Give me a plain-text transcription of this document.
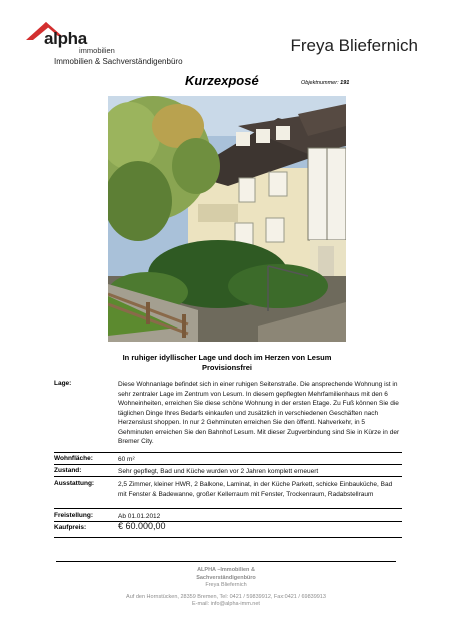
alpha
immobilien
Immobilien & Sachverständigenbüro
Freya Bliefernich
Kurzexposé	Objektnummer: 191
In ruhiger idyllischer Lage und doch im Herzen von Lesum
Provisionsfrei
Lage:	Diese Wohnanlage befindet sich in einer ruhigen Seitenstraße. Die ansprechende Wohnung ist in sehr zentraler Lage im Zentrum von Lesum. In diesem gepflegten Mehrfamilienhaus mit den 6 Wohneinheiten, erreichen Sie diese schöne Wohnung in der ersten Etage. Zu Fuß können Sie die täglichen Dinge Ihres Bedarfs einkaufen und zusätzlich in verschiedenen Geschäften nach Herzenslust shoppen. In nur 2 Gehminuten erreichen Sie den öffentl. Nahverkehr, in 5 Gehminuten erreichen Sie den Bahnhof Lesum. Mit dieser Zugverbindung sind Sie in Kürze in der Bremer City.
Wohnfläche:	60 m²
Zustand:	Sehr gepflegt, Bad und Küche wurden vor 2 Jahren komplett erneuert
Ausstattung:	2,5 Zimmer, kleiner HWR, 2 Balkone, Laminat, in der Küche Parkett, schicke Einbauküche, Bad mit Fenster & Badewanne, großer Kellerraum mit Fenster, Trockenraum, Radabstellraum
Freistellung:	Ab 01.01.2012
Kaufpreis:	€ 60.000,00
ALPHA –Immobilien &
Sachverständigenbüro
Freya Bliefernich
Auf den Hornstücken, 28359 Bremen, Tel: 0421 / 59839912, Fax:0421 / 69839913
E-mail: info@alpha-imm.net
